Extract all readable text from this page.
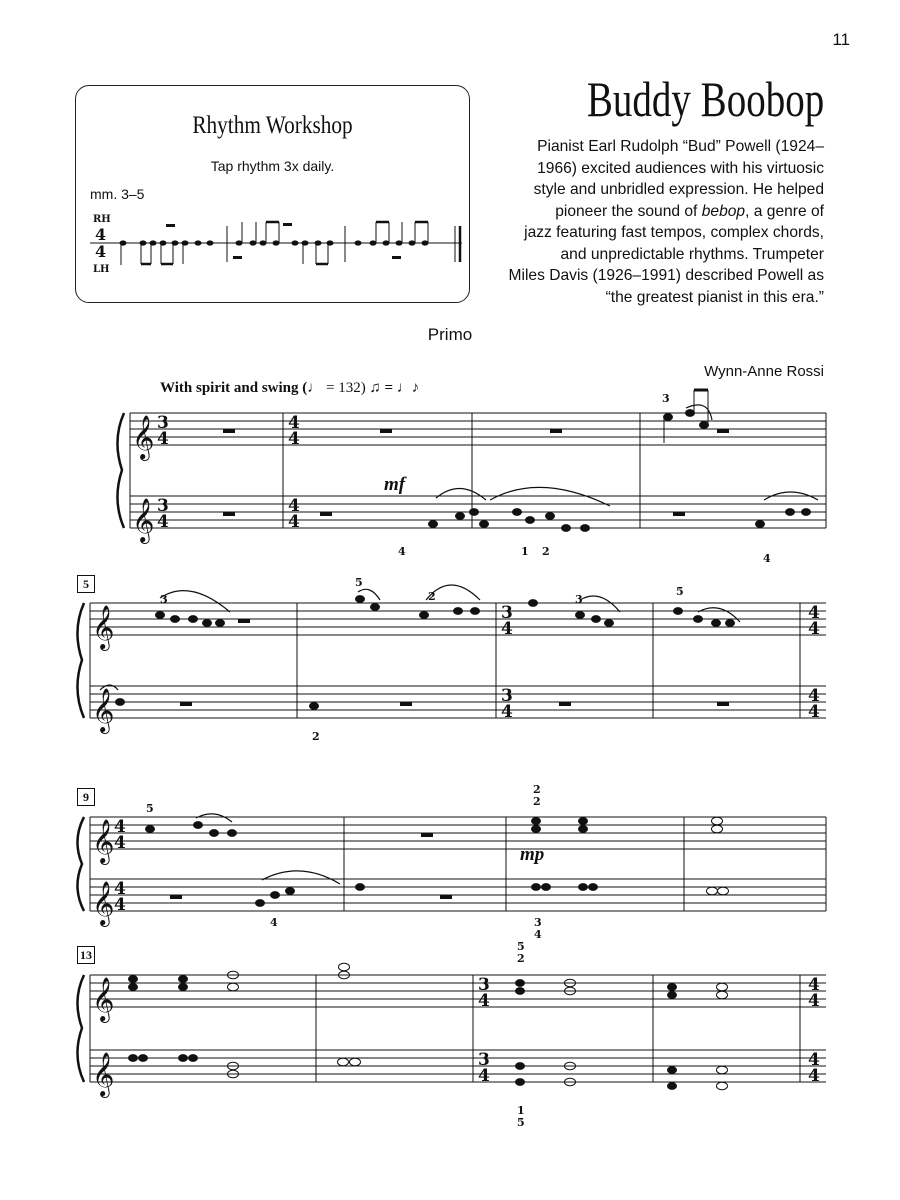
11
Rhythm Workshop
Tap rhythm 3x daily.
mm. 3–5
Buddy Boobop
Pianist Earl Rudolph “Bud” Powell (1924–
1966) excited audiences with his virtuosic
style and unbridled expression. He helped
pioneer the sound of bebop, a genre of
jazz featuring fast tempos, complex chords,
and unpredictable rhythms. Trumpeter
Miles Davis (1926–1991) described Powell as
“the greatest pianist in this era.”
Primo
Wynn-Anne Rossi
With spirit and swing (♩ = 132) ♫ = ♩♪
5
9
13
RH
LH
4
4
𝄞
𝄞
3
4
3
4
4
4
4
4
mf
3
4	1 2
4
𝄞
𝄞
3
4
3
4
4
4
4
4
3
5
2	3
5
2
𝄞
𝄞
4
4
4
4
mp
5
4
2
2
3
4
𝄞
𝄞
3
4
3
4
4
4
4
4
5
2
1
5
